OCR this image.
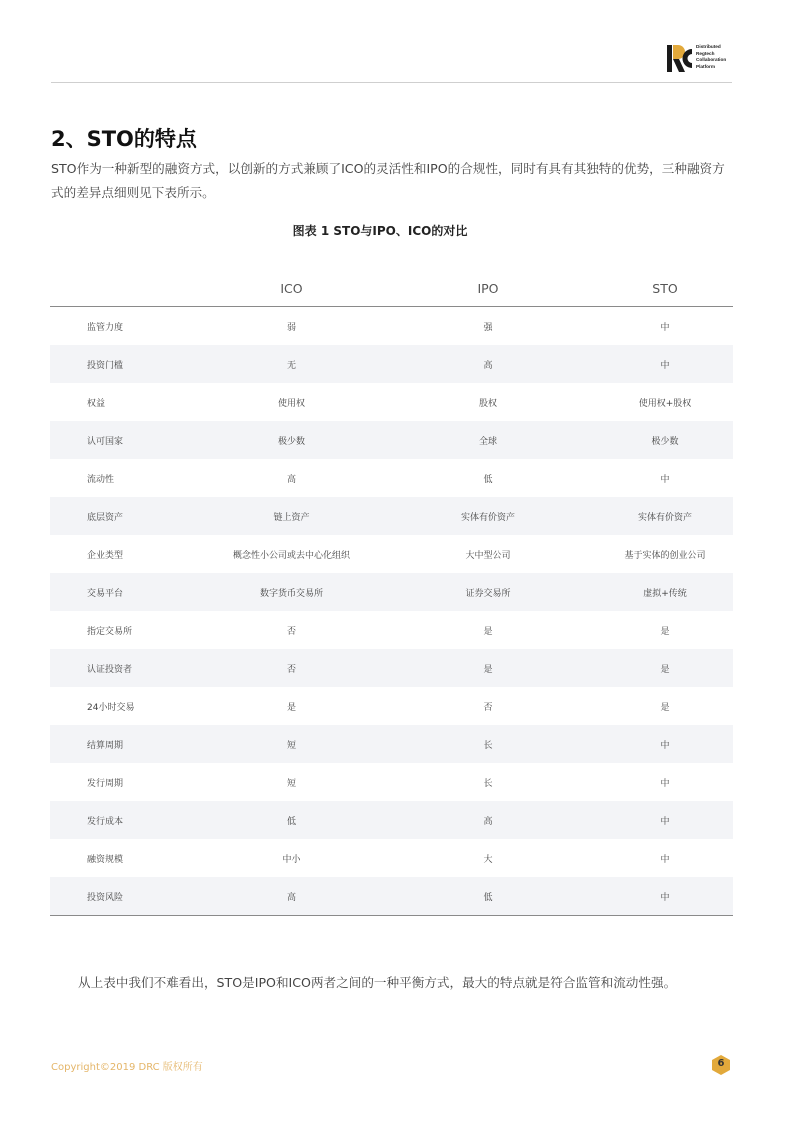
Distributed
Regtech
Collaboration
Platform
2、STO的特点

STO作为一种新型的融资方式，以创新的方式兼顾了ICO的灵活性和IPO的合规性，同时有具有其独特的优势，三种融资方式的差异点细则见下表所示。

图表 1 STO与IPO、ICO的对比
	ICO	IPO	STO
监管力度	弱	强	中
投资门槛	无	高	中
权益	使用权	股权	使用权+股权
认可国家	极少数	全球	极少数
流动性	高	低	中
底层资产	链上资产	实体有价资产	实体有价资产
企业类型	概念性小公司或去中心化组织	大中型公司	基于实体的创业公司
交易平台	数字货币交易所	证券交易所	虚拟+传统
指定交易所	否	是	是
认证投资者	否	是	是
24小时交易	是	否	是
结算周期	短	长	中
发行周期	短	长	中
发行成本	低	高	中
融资规模	中小	大	中
投资风险	高	低	中

从上表中我们不难看出，STO是IPO和ICO两者之间的一种平衡方式，最大的特点就是符合监管和流动性强。

Copyright©2019 DRC 版权所有	6
